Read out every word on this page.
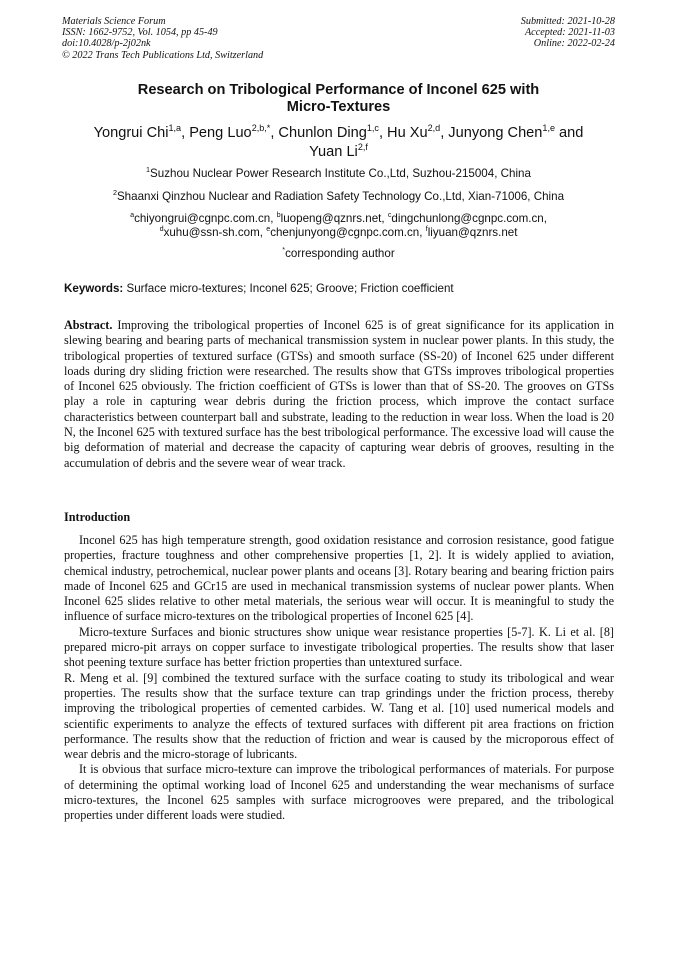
Materials Science Forum
ISSN: 1662-9752, Vol. 1054, pp 45-49
doi:10.4028/p-2j02nk
© 2022 Trans Tech Publications Ltd, Switzerland
Submitted: 2021-10-28
Accepted: 2021-11-03
Online: 2022-02-24
Research on Tribological Performance of Inconel 625 with
Micro-Textures
Yongrui Chi$^{1,a}$, Peng Luo$^{2,b,*}$, Chunlon Ding$^{1,c}$, Hu Xu$^{2,d}$, Junyong Chen$^{1,e}$ and
Yuan Li$^{2,f}$
$^1$Suzhou Nuclear Power Research Institute Co.,Ltd, Suzhou-215004, China
$^2$Shaanxi Qinzhou Nuclear and Radiation Safety Technology Co.,Ltd, Xian-71006, China
$^a$chiyongrui@cgnpc.com.cn, $^b$luopeng@qznrs.net, $^c$dingchunlong@cgnpc.com.cn,
$^d$xuhu@ssn-sh.com, $^e$chenjunyong@cgnpc.com.cn, $^f$liyuan@qznrs.net
*corresponding author
Keywords: Surface micro-textures; Inconel 625; Groove; Friction coefficient

Abstract. Improving the tribological properties of Inconel 625 is of great significance for its application in slewing bearing and bearing parts of mechanical transmission system in nuclear power plants. In this study, the tribological properties of textured surface (GTSs) and smooth surface (SS-20) of Inconel 625 under different loads during dry sliding friction were researched. The results show that GTSs improves tribological properties of Inconel 625 obviously. The friction coefficient of GTSs is lower than that of SS-20. The grooves on GTSs play a role in capturing wear debris during the friction process, which improve the contact surface characteristics between counterpart ball and substrate, leading to the reduction in wear loss. When the load is 20 N, the Inconel 625 with textured surface has the best tribological performance. The excessive load will cause the big deformation of material and decrease the capacity of capturing wear debris of grooves, resulting in the accumulation of debris and the severe wear of wear track.

Introduction

Inconel 625 has high temperature strength, good oxidation resistance and corrosion resistance, good fatigue properties, fracture toughness and other comprehensive properties [1, 2]. It is widely applied to aviation, chemical industry, petrochemical, nuclear power plants and oceans [3]. Rotary bearing and bearing friction pairs made of Inconel 625 and GCr15 are used in mechanical transmission systems of nuclear power plants. When Inconel 625 slides relative to other metal materials, the serious wear will occur. It is meaningful to study the influence of surface micro-textures on the tribological properties of Inconel 625 [4].

Micro-texture Surfaces and bionic structures show unique wear resistance properties [5-7]. K. Li et al. [8] prepared micro-pit arrays on copper surface to investigate tribological properties. The results show that laser shot peening texture surface has better friction properties than untextured surface.

R. Meng et al. [9] combined the textured surface with the surface coating to study its tribological and wear properties. The results show that the surface texture can trap grindings under the friction process, thereby improving the tribological properties of cemented carbides. W. Tang et al. [10] used numerical models and scientific experiments to analyze the effects of textured surfaces with different pit area fractions on friction performance. The results show that the reduction of friction and wear is caused by the microporous effect of wear debris and the micro-storage of lubricants.

It is obvious that surface micro-texture can improve the tribological performances of materials. For purpose of determining the optimal working load of Inconel 625 and understanding the wear mechanisms of surface micro-textures, the Inconel 625 samples with surface microgrooves were prepared, and the tribological properties under different loads were studied.
